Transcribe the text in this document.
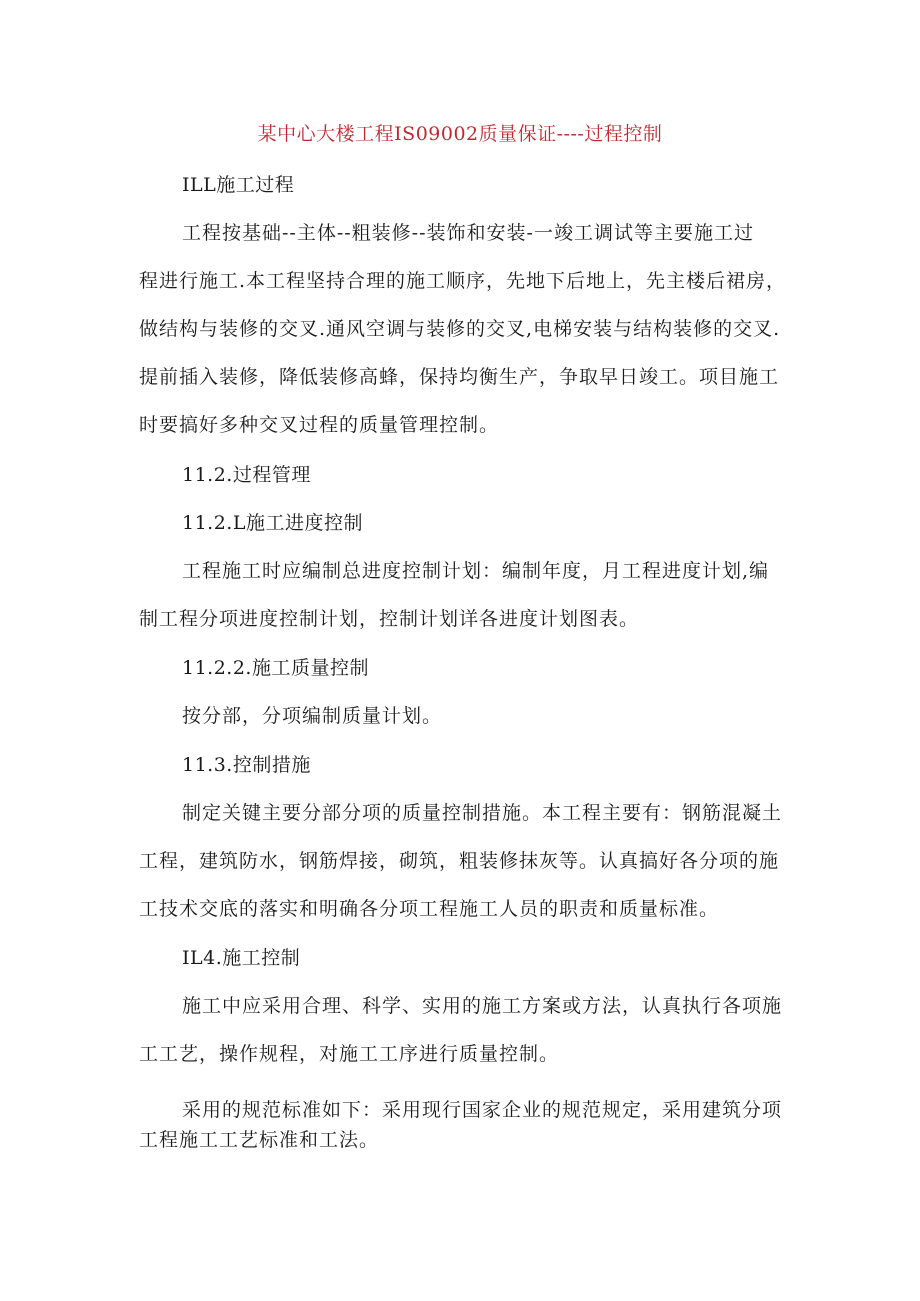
某中心大楼工程IS09002质量保证----过程控制
ILL施工过程
工程按基础--主体--粗装修--装饰和安装-一竣工调试等主要施工过
程进行施工.本工程坚持合理的施工顺序，先地下后地上，先主楼后裙房，
做结构与装修的交叉.通风空调与装修的交叉,电梯安装与结构装修的交叉.
提前插入装修，降低装修高蜂，保持均衡生产，争取早日竣工。项目施工
时要搞好多种交叉过程的质量管理控制。
11.2.过程管理
11.2.L施工进度控制
工程施工时应编制总进度控制计划：编制年度，月工程进度计划,编
制工程分项进度控制计划，控制计划详各进度计划图表。
11.2.2.施工质量控制
按分部，分项编制质量计划。
11.3.控制措施
制定关键主要分部分项的质量控制措施。本工程主要有：钢筋混凝土
工程，建筑防水，钢筋焊接，砌筑，粗装修抹灰等。认真搞好各分项的施
工技术交底的落实和明确各分项工程施工人员的职责和质量标准。
IL4.施工控制
施工中应采用合理、科学、实用的施工方案或方法，认真执行各项施
工工艺，操作规程，对施工工序进行质量控制。
采用的规范标准如下：采用现行国家企业的规范规定，采用建筑分项
工程施工工艺标准和工法。
